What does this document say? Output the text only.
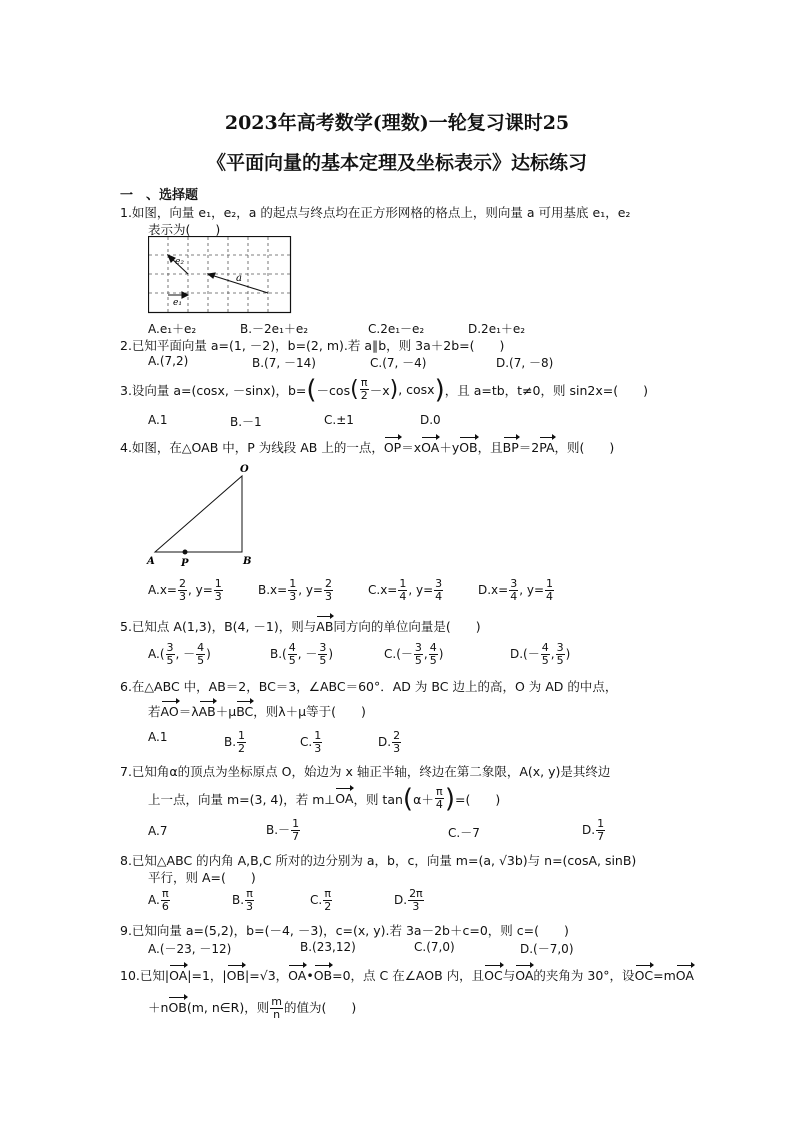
2023年高考数学(理数)一轮复习课时25
《平面向量的基本定理及坐标表示》达标练习
一　、选择题
1.如图，向量 e₁，e₂，a 的起点与终点均在正方形网格的格点上，则向量 a 可用基底 e₁，e₂
表示为(　　)
e₂
e₁
a
A.e₁＋e₂	B.－2e₁＋e₂	C.2e₁－e₂	D.2e₁＋e₂
2.已知平面向量 a=(1, －2)，b=(2, m).若 a∥b，则 3a＋2b=(　　)
A.(7,2)	B.(7, －14)	C.(7, －4)	D.(7, －8)
3.设向量 a=(cosx, －sinx)，b= ( －cos ( $\frac{\pi}{2} -x$ ) , cosx ) ，且 a=tb，t≠0，则 sin2x=(　　)
A.1	B.－1	C.±1	D.0
4.如图，在△OAB 中，P 为线段 AB 上的一点，OP＝xOA＋yOB，且BP＝2PA，则(　　)
O
A	B
P
$A.x= \frac{2}{3}$ , $y= \frac{1}{3}$	$B.x= \frac{1}{3}$ , $y= \frac{2}{3}$	$C.x= \frac{1}{4}$ , $y= \frac{3}{4}$	$D.x= \frac{3}{4}$ , $y= \frac{1}{4}$
5.已知点 A(1,3)，B(4, －1)，则与AB同方向的单位向量是(　　)
$A.( \frac{3}{5}$ , － $\frac{4}{5}$ )	$B.( \frac{4}{5}$ , － $\frac{3}{5}$ )	$C.(- \frac{3}{5}$ , $\frac{4}{5}$ )	$D.(- \frac{4}{5}$ , $\frac{3}{5}$ )
6.在△ABC 中，AB＝2，BC＝3，∠ABC＝60°．AD 为 BC 边上的高，O 为 AD 的中点，
若AO＝λAB＋μBC，则λ＋μ等于(　　)
A.1	B. $\frac{1}{2}$	C. $\frac{1}{3}$	D. $\frac{2}{3}$
7.已知角α的顶点为坐标原点 O，始边为 x 轴正半轴，终边在第二象限，A(x, y)是其终边
上一点，向量 m=(3, 4)，若 m⊥ OA ，则 tan ( $\alpha+ \frac{\pi}{4}$ ) =(　　)
A.7	$B.- \frac{1}{7}$	C.－7	D. $\frac{1}{7}$
8.已知△ABC 的内角 A,B,C 所对的边分别为 a，b，c，向量 m=(a, √3b)与 n=(cosA, sinB)
平行，则 A=(　　)
A. $\frac{\pi}{6}$	B. $\frac{\pi}{3}$	C. $\frac{\pi}{2}$	D. $\frac{2\pi}{3}$
9.已知向量 a=(5,2)，b=(－4, －3)，c=(x, y).若 3a－2b＋c=0，则 c=(　　)
A.(－23, －12)	B.(23,12)	C.(7,0)	D.(－7,0)
10.已知|OA|=1，|OB|=√3，OA•OB=0，点 C 在∠AOB 内，且OC与OA的夹角为 30°，设OC=mOA
＋nOB(m, n∈R)，则 $\frac{m}{n}$ 的值为(　　)
